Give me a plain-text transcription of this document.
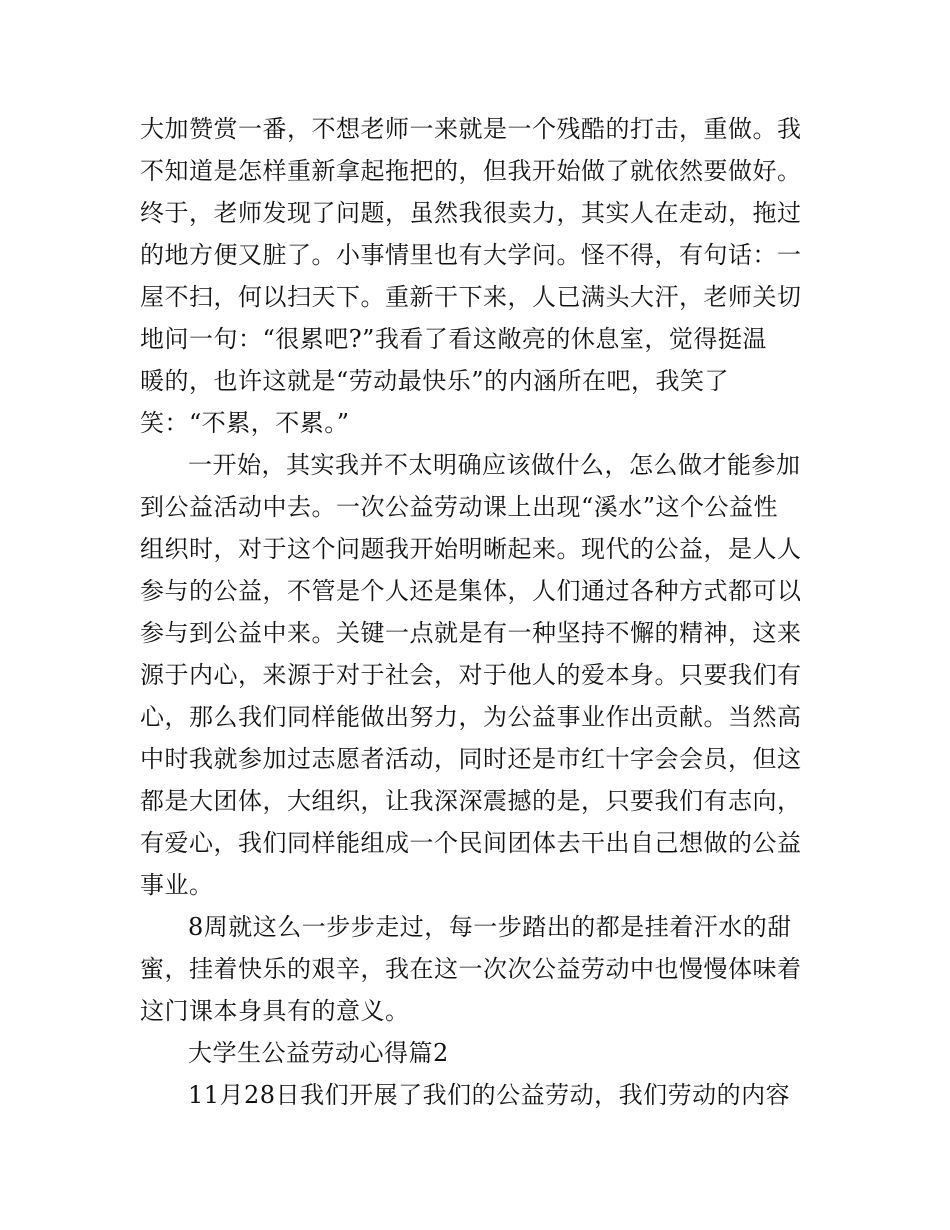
大加赞赏一番，不想老师一来就是一个残酷的打击，重做。我
不知道是怎样重新拿起拖把的，但我开始做了就依然要做好。
终于，老师发现了问题，虽然我很卖力，其实人在走动，拖过
的地方便又脏了。小事情里也有大学问。怪不得，有句话：一
屋不扫，何以扫天下。重新干下来，人已满头大汗，老师关切
地问一句：“很累吧?”我看了看这敞亮的休息室，觉得挺温
暖的，也许这就是“劳动最快乐”的内涵所在吧，我笑了
笑：“不累，不累。”

一开始，其实我并不太明确应该做什么，怎么做才能参加
到公益活动中去。一次公益劳动课上出现“溪水”这个公益性
组织时，对于这个问题我开始明晰起来。现代的公益，是人人
参与的公益，不管是个人还是集体，人们通过各种方式都可以
参与到公益中来。关键一点就是有一种坚持不懈的精神，这来
源于内心，来源于对于社会，对于他人的爱本身。只要我们有
心，那么我们同样能做出努力，为公益事业作出贡献。当然高
中时我就参加过志愿者活动，同时还是市红十字会会员，但这
都是大团体，大组织，让我深深震撼的是，只要我们有志向，
有爱心，我们同样能组成一个民间团体去干出自己想做的公益
事业。

8周就这么一步步走过，每一步踏出的都是挂着汗水的甜
蜜，挂着快乐的艰辛，我在这一次次公益劳动中也慢慢体味着
这门课本身具有的意义。

大学生公益劳动心得篇2

11月28日我们开展了我们的公益劳动，我们劳动的内容
